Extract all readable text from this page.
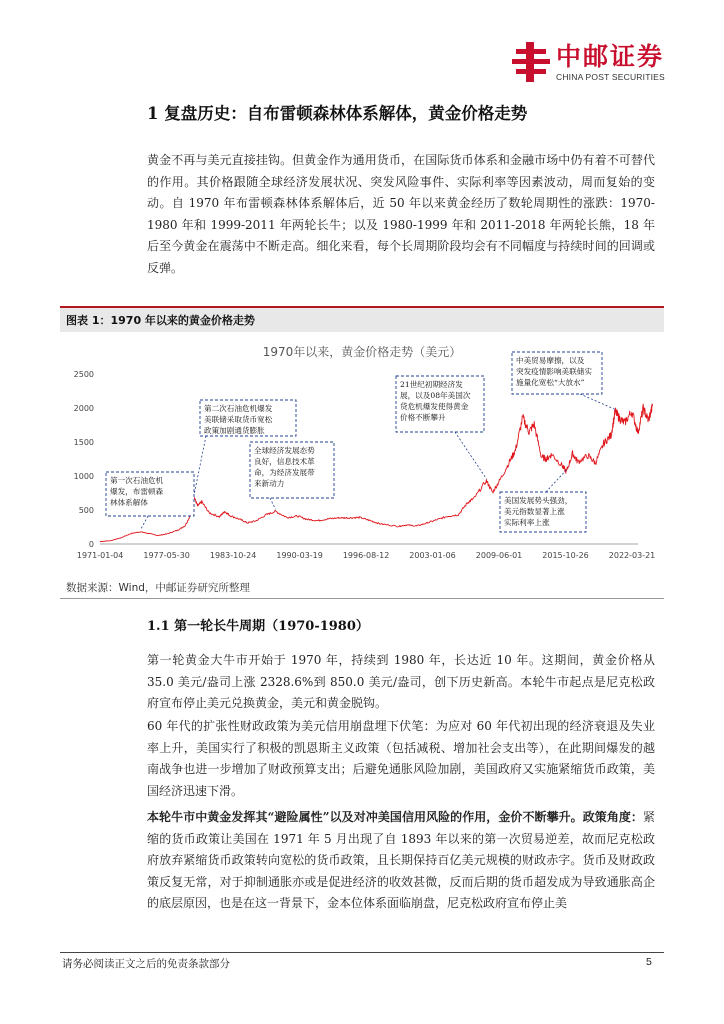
中邮证券
CHINA POST SECURITIES
1 复盘历史：自布雷顿森林体系解体，黄金价格走势
黄金不再与美元直接挂钩。但黄金作为通用货币，在国际货币体系和金融市场中仍有着不可替代的作用。其价格跟随全球经济发展状况、突发风险事件、实际利率等因素波动，周而复始的变动。自 1970 年布雷顿森林体系解体后，近 50 年以来黄金经历了数轮周期性的涨跌：1970-1980 年和 1999-2011 年两轮长牛；以及 1980-1999 年和 2011-2018 年两轮长熊，18 年后至今黄金在震荡中不断走高。细化来看，每个长周期阶段均会有不同幅度与持续时间的回调或反弹。
图表 1：1970 年以来的黄金价格走势
1970年以来，黄金价格走势（美元）
0
500
1000
1500
2000
2500
1971-01-04	1977-05-30 1983-10-24	1990-03-19 1996-08-12 2003-01-06	2009-06-01 2015-10-26	2022-03-21
第一次石油危机
爆发，布雷顿森
林体系解体
第二次石油危机爆发
美联储采取货币宽松
政策加剧通货膨胀
全球经济发展态势
良好，信息技术革
命，为经济发展带
来新动力
21世纪初期经济发
展，以及08年美国次
贷危机爆发使得黄金
价格不断攀升
美国发展势头强劲，
美元指数显著上涨
实际利率上涨
中美贸易摩擦，以及
突发疫情影响美联储实
施量化宽松“大放水”
数据来源：Wind，中邮证券研究所整理
1.1 第一轮长牛周期（1970-1980）
第一轮黄金大牛市开始于 1970 年，持续到 1980 年，长达近 10 年。这期间，黄金价格从 35.0 美元/盎司上涨 2328.6%到 850.0 美元/盎司，创下历史新高。本轮牛市起点是尼克松政府宣布停止美元兑换黄金，美元和黄金脱钩。
60 年代的扩张性财政政策为美元信用崩盘埋下伏笔：为应对 60 年代初出现的经济衰退及失业率上升，美国实行了积极的凯恩斯主义政策（包括减税、增加社会支出等），在此期间爆发的越南战争也进一步增加了财政预算支出；后避免通胀风险加剧，美国政府又实施紧缩货币政策，美国经济迅速下滑。
本轮牛市中黄金发挥其“避险属性”以及对冲美国信用风险的作用，金价不断攀升。政策角度：紧缩的货币政策让美国在 1971 年 5 月出现了自 1893 年以来的第一次贸易逆差，故而尼克松政府放弃紧缩货币政策转向宽松的货币政策，且长期保持百亿美元规模的财政赤字。货币及财政政策反复无常，对于抑制通胀亦或是促进经济的收效甚微，反而后期的货币超发成为导致通胀高企的底层原因，也是在这一背景下，金本位体系面临崩盘，尼克松政府宣布停止美
请务必阅读正文之后的免责条款部分	5
